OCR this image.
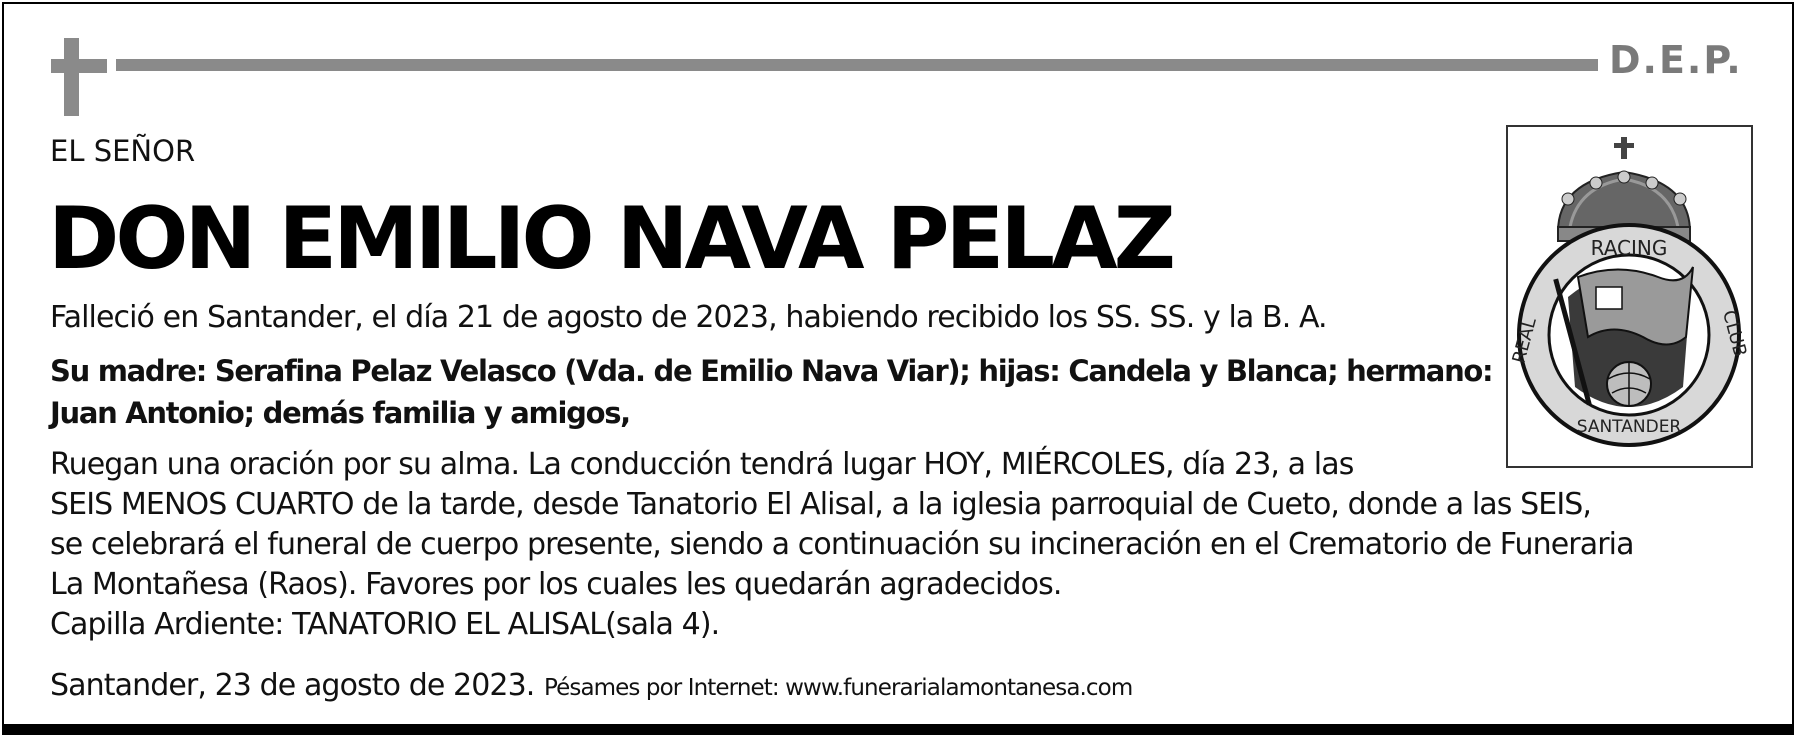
D.E.P.
EL SEÑOR
DON EMILIO NAVA PELAZ
Falleció en Santander, el día 21 de agosto de 2023, habiendo recibido los SS. SS. y la B. A.
Su madre: Serafina Pelaz Velasco (Vda. de Emilio Nava Viar); hijas: Candela y Blanca; hermano:
Juan Antonio; demás familia y amigos,
Ruegan una oración por su alma. La conducción tendrá lugar HOY, MIÉRCOLES, día 23, a las
SEIS MENOS CUARTO de la tarde, desde Tanatorio El Alisal, a la iglesia parroquial de Cueto, donde a las SEIS,
se celebrará el funeral de cuerpo presente, siendo a continuación su incineración en el Crematorio de Funeraria
La Montañesa (Raos). Favores por los cuales les quedarán agradecidos.
Capilla Ardiente: TANATORIO EL ALISAL(sala 4).
Santander, 23 de agosto de 2023. Pésames por Internet: www.funerarialamontanesa.com
RACING
REAL	CLUB
SANTANDER
